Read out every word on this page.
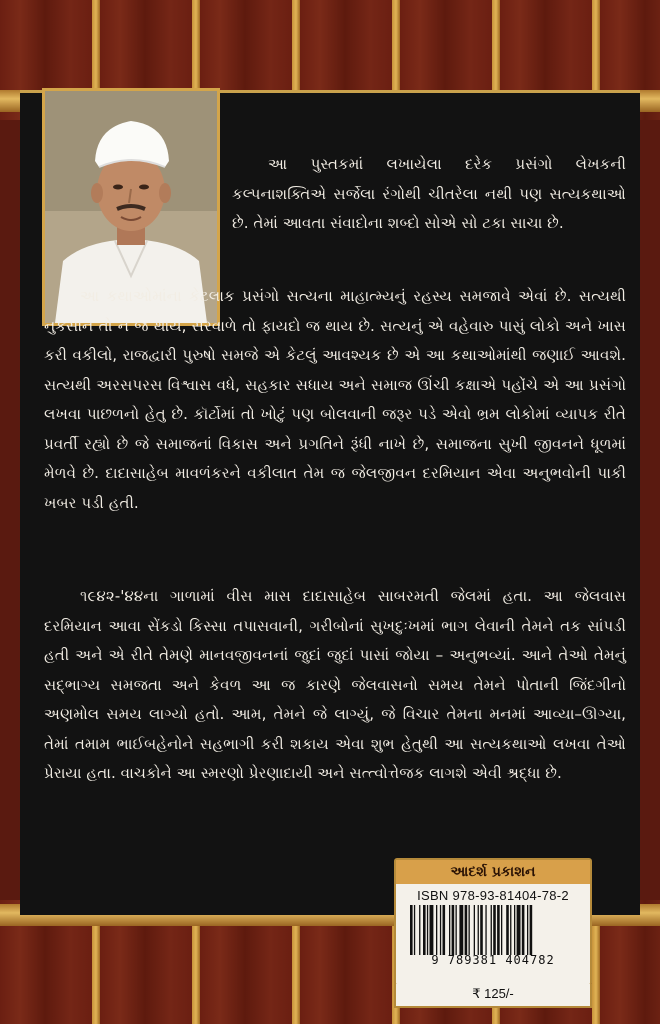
આ પુસ્તકમાં લખાયેલા દરેક પ્રસંગો લેખકની કલ્પનાશક્તિએ સર્જેલા રંગોથી ચીતરેલા નથી પણ સત્યકથાઓ છે. તેમાં આવતા સંવાદોના શબ્દો સોએ સો ટકા સાચા છે.

આ કથાઓમાંના કેટલાક પ્રસંગો સત્યના માહાત્મ્યનું રહસ્ય સમજાવે એવાં છે. સત્યથી નુકસાન તો ન જ થાય, સરવાળે તો ફાયદો જ થાય છે. સત્યનું એ વહેવારુ પાસું લોકો અને ખાસ કરી વકીલો, રાજદ્વારી પુરુષો સમજે એ કેટલું આવશ્યક છે એ આ કથાઓમાંથી જણાઈ આવશે. સત્યથી અરસપરસ વિશ્વાસ વધે, સહકાર સધાય અને સમાજ ઊંચી કક્ષાએ પહોંચે એ આ પ્રસંગો લખવા પાછળનો હેતુ છે. કૉર્ટોમાં તો ખોટું પણ બોલવાની જરૂર પડે એવો ભ્રમ લોકોમાં વ્યાપક રીતે પ્રવર્તી રહ્યો છે જે સમાજનાં વિકાસ અને પ્રગતિને રૂંધી નાખે છે, સમાજના સુખી જીવનને ધૂળમાં મેળવે છે. દાદાસાહેબ માવળંકરને વકીલાત તેમ જ જેલજીવન દરમિયાન એવા અનુભવોની પાકી ખબર પડી હતી.

૧૯૪૨-'૪૪ના ગાળામાં વીસ માસ દાદાસાહેબ સાબરમતી જેલમાં હતા. આ જેલવાસ દરમિયાન આવા સેંકડો કિસ્સા તપાસવાની, ગરીબોનાં સુખદુઃખમાં ભાગ લેવાની તેમને તક સાંપડી હતી અને એ રીતે તેમણે માનવજીવનનાં જુદાં જુદાં પાસાં જોયા – અનુભવ્યાં. આને તેઓ તેમનું સદ્ભાગ્ય સમજતા અને કેવળ આ જ કારણે જેલવાસનો સમય તેમને પોતાની જિંદગીનો અણમોલ સમય લાગ્યો હતો. આમ, તેમને જે લાગ્યું, જે વિચાર તેમના મનમાં આવ્યા–ઊગ્યા, તેમાં તમામ ભાઈબહેનોને સહભાગી કરી શકાય એવા શુભ હેતુથી આ સત્યકથાઓ લખવા તેઓ પ્રેરાયા હતા. વાચકોને આ સ્મરણો પ્રેરણાદાયી અને સત્ત્વોત્તેજક લાગશે એવી શ્રદ્ધા છે.

આદર્શ પ્રકાશન
ISBN 978-93-81404-78-2
9 789381 404782
₹ 125/-
